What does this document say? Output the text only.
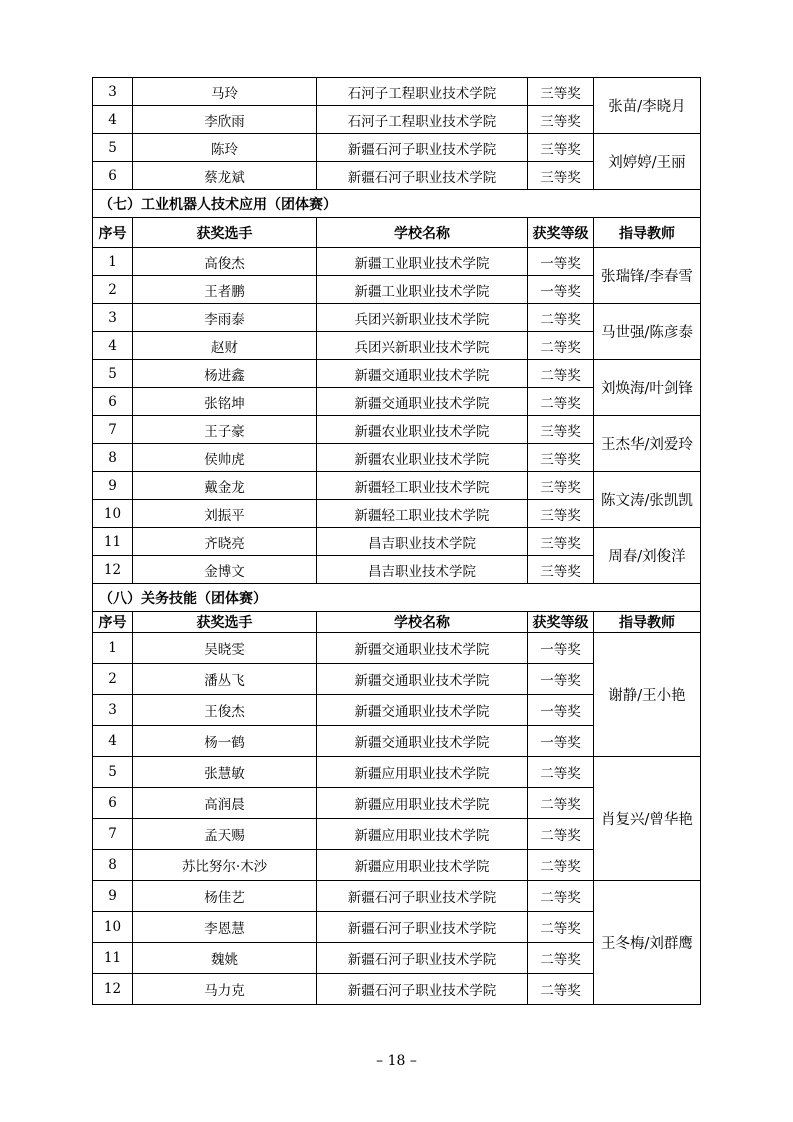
3	马玲	石河子工程职业技术学院	三等奖	张苗/李晓月
4	李欣雨	石河子工程职业技术学院	三等奖	
5	陈玲	新疆石河子职业技术学院	三等奖	刘婷婷/王丽
6	蔡龙斌	新疆石河子职业技术学院	三等奖	
（七）工业机器人技术应用（团体赛）				
序号	获奖选手	学校名称	获奖等级	指导教师
1	高俊杰	新疆工业职业技术学院	一等奖	张瑞锋/李春雪
2	王者鹏	新疆工业职业技术学院	一等奖	
3	李雨泰	兵团兴新职业技术学院	二等奖	马世强/陈彦泰
4	赵财	兵团兴新职业技术学院	二等奖	
5	杨进鑫	新疆交通职业技术学院	二等奖	刘焕海/叶剑锋
6	张铭坤	新疆交通职业技术学院	二等奖	
7	王子豪	新疆农业职业技术学院	三等奖	王杰华/刘爱玲
8	侯帅虎	新疆农业职业技术学院	三等奖	
9	戴金龙	新疆轻工职业技术学院	三等奖	陈文涛/张凯凯
10	刘振平	新疆轻工职业技术学院	三等奖	
11	齐晓亮	昌吉职业技术学院	三等奖	周春/刘俊洋
12	金博文	昌吉职业技术学院	三等奖	
（八）关务技能（团体赛）				
序号	获奖选手	学校名称	获奖等级	指导教师
1	吴晓雯	新疆交通职业技术学院	一等奖	谢静/王小艳
2	潘丛飞	新疆交通职业技术学院	一等奖	
3	王俊杰	新疆交通职业技术学院	一等奖	
4	杨一鹤	新疆交通职业技术学院	一等奖	
5	张慧敏	新疆应用职业技术学院	二等奖	肖复兴/曾华艳
6	高润晨	新疆应用职业技术学院	二等奖	
7	孟天赐	新疆应用职业技术学院	二等奖	
8	苏比努尔·木沙	新疆应用职业技术学院	二等奖	
9	杨佳艺	新疆石河子职业技术学院	二等奖	王冬梅/刘群鹰
10	李恩慧	新疆石河子职业技术学院	二等奖	
11	魏姚	新疆石河子职业技术学院	二等奖	
12	马力克	新疆石河子职业技术学院	二等奖	
– 18 –
